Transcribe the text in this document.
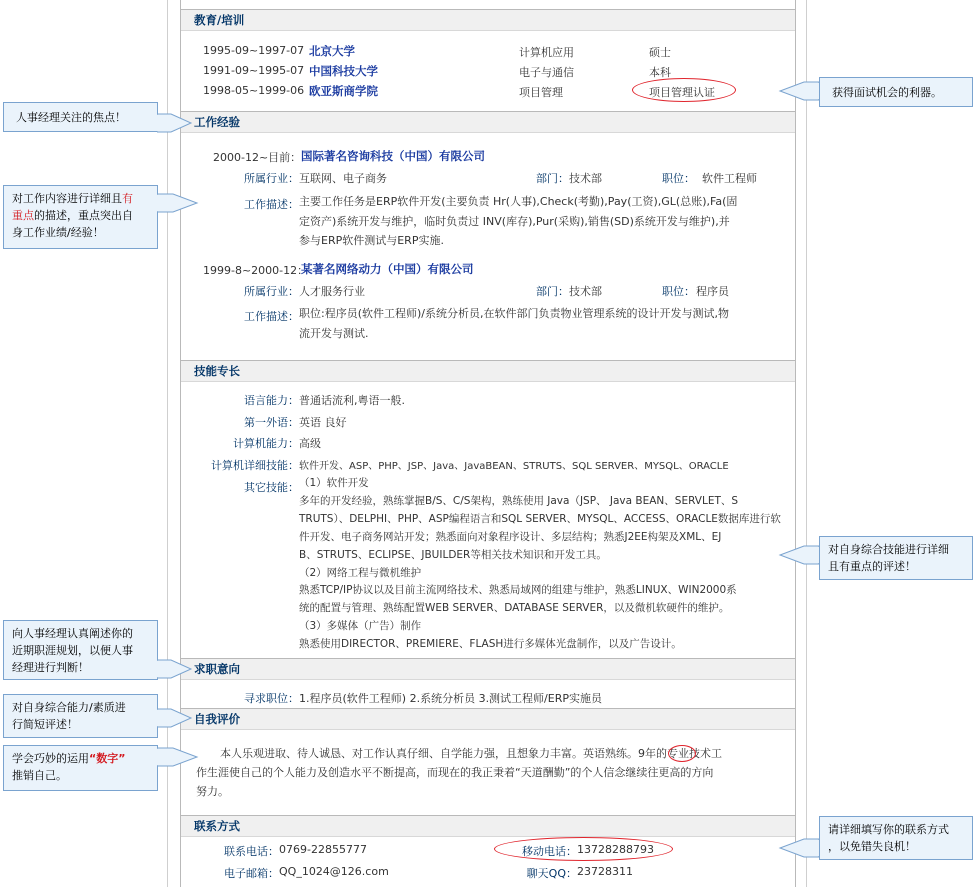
教育/培训
1995-09~1997-07 北京大学	计算机应用	硕士
1991-09~1995-07 中国科技大学	电子与通信	本科
1998-05~1999-06 欧亚斯商学院	项目管理	项目管理认证
工作经验
2000-12~目前： 国际著名咨询科技（中国）有限公司
所属行业： 互联网、电子商务	部门： 技术部	职位： 软件工程师
工作描述： 主要工作任务是ERP软件开发(主要负责 Hr(人事),Check(考勤),Pay(工资),GL(总账),Fa(固
定资产)系统开发与维护，临时负责过 INV(库存),Pur(采购),销售(SD)系统开发与维护),并
参与ERP软件测试与ERP实施.
1999-8~2000-12：
某著名网络动力（中国）有限公司
所属行业： 人才服务行业	部门： 技术部	职位： 程序员
工作描述： 职位:程序员(软件工程师)/系统分析员,在软件部门负责物业管理系统的设计开发与测试,物
流开发与测试.
技能专长
语言能力： 普通话流利,粤语一般.
第一外语： 英语 良好
计算机能力： 高级
计算机详细技能： 软件开发、ASP、PHP、JSP、Java、JavaBEAN、STRUTS、SQL SERVER、MYSQL、ORACLE
其它技能： （1）软件开发
多年的开发经验，熟练掌握B/S、C/S架构，熟练使用 Java（JSP、 Java BEAN、SERVLET、S
TRUTS）、DELPHI、PHP、ASP编程语言和SQL SERVER、MYSQL、ACCESS、ORACLE数据库进行软
件开发、电子商务网站开发；熟悉面向对象程序设计、多层结构；熟悉J2EE构架及XML、EJ
B、STRUTS、ECLIPSE、JBUILDER等相关技术知识和开发工具。
（2）网络工程与微机维护
熟悉TCP/IP协议以及目前主流网络技术、熟悉局域网的组建与维护，熟悉LINUX、WIN2000系
统的配置与管理、熟练配置WEB SERVER、DATABASE SERVER，以及微机软硬件的维护。
（3）多媒体（广告）制作
熟悉使用DIRECTOR、PREMIERE、FLASH进行多媒体光盘制作，以及广告设计。
求职意向
寻求职位： 1.程序员(软件工程师) 2.系统分析员 3.测试工程师/ERP实施员
自我评价
本人乐观进取、待人诚恳、对工作认真仔细、自学能力强，且想象力丰富。英语熟练。9年的专业技术工
作生涯使自己的个人能力及创造水平不断提高，而现在的我正秉着“天道酬勤”的个人信念继续往更高的方向
努力。
联系方式
联系电话： 0769-22855777	移动电话： 13728288793
电子邮箱： QQ_1024@126.com	聊天QQ： 23728311
人事经理关注的焦点！
对工作内容进行详细且有
重点的描述，重点突出自
身工作业绩/经验！
向人事经理认真阐述你的
近期职涯规划，以便人事
经理进行判断！
对自身综合能力/素质进
行简短评述！
学会巧妙的运用“数字”
推销自己。
获得面试机会的利器。
对自身综合技能进行详细
且有重点的评述！
请详细填写你的联系方式
，以免错失良机！
